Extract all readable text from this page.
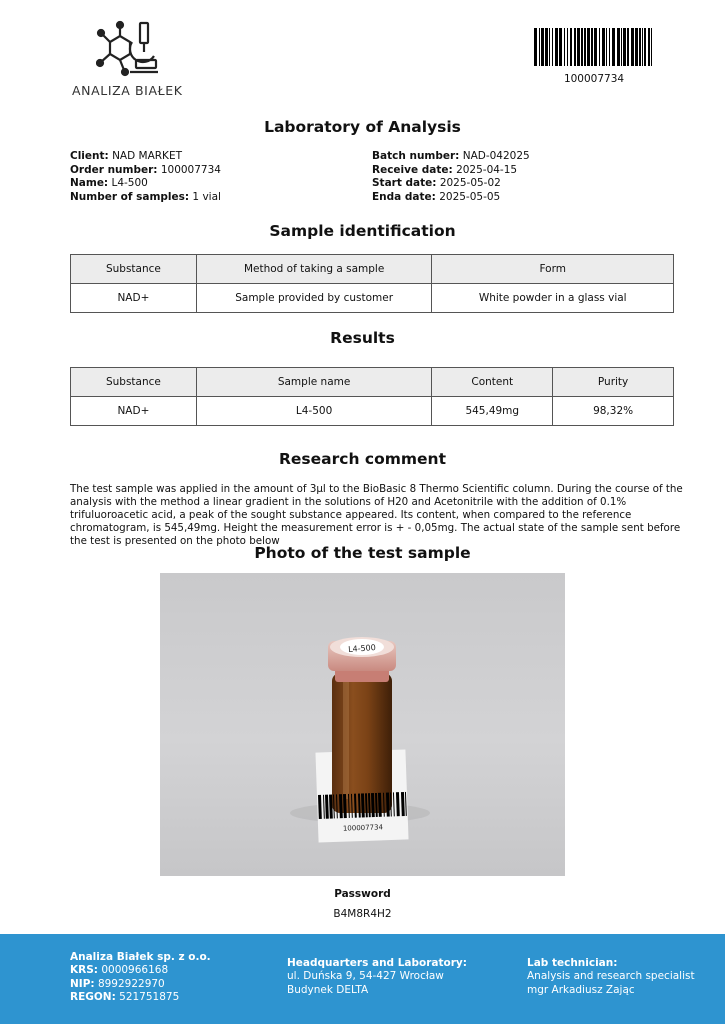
ANALIZA BIAŁEK
100007734
Laboratory of Analysis
Client: NAD MARKET
Order number: 100007734
Name: L4-500
Number of samples: 1 vial
Batch number: NAD-042025
Receive date: 2025-04-15
Start date: 2025-05-02
Enda date: 2025-05-05
Sample identification
Substance	Method of taking a sample	Form
NAD+	Sample provided by customer	White powder in a glass vial
Results
Substance	Sample name	Content	Purity
NAD+	L4-500	545,49mg	98,32%
Research comment
The test sample was applied in the amount of 3µl to the BioBasic 8 Thermo Scientific column. During the course of the analysis with the method a linear gradient in the solutions of H20 and Acetonitrile with the addition of 0.1% trifuluoroacetic acid, a peak of the sought substance appeared. Its content, when compared to the reference chromatogram, is 545,49mg. Height the measurement error is + - 0,05mg. The actual state of the sample sent before the test is presented on the photo below
Photo of the test sample
L4-500
100007734
Password
B4M8R4H2
Analiza Białek sp. z o.o.
KRS: 0000966168
NIP: 8992922970
REGON: 521751875
Headquarters and Laboratory:
ul. Duńska 9, 54-427 Wrocław
Budynek DELTA
Lab technician:
Analysis and research specialist
mgr Arkadiusz Zając
